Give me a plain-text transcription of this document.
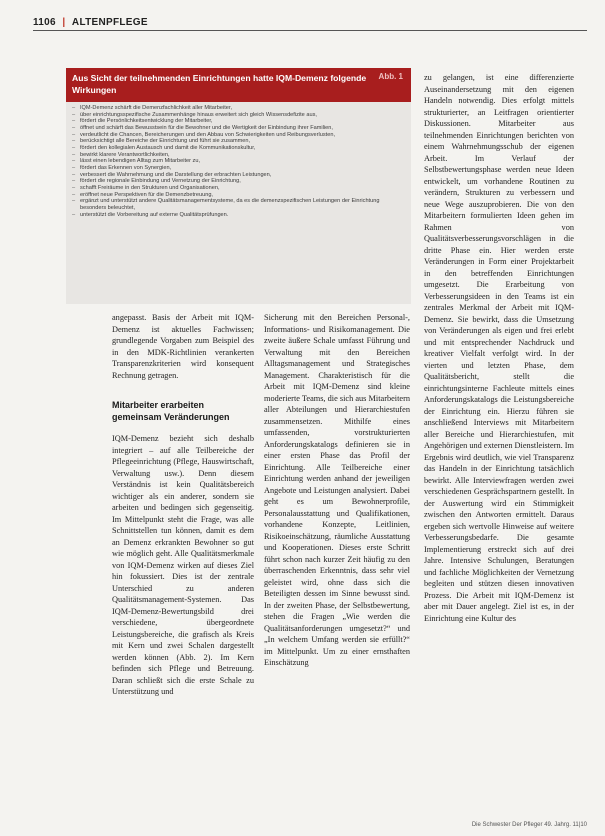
1106 | ALTENPFLEGE
Aus Sicht der teilnehmenden Einrichtungen hatte IQM-Demenz folgende Wirkungen
Abb. 1
– IQM-Demenz schärft die Demenzfachlichkeit aller Mitarbeiter,
– über einrichtungsspezifische Zusammenhänge hinaus erweitert sich gleich Wissensdefizite aus,
– fördert die Persönlichkeitsentwicklung der Mitarbeiter,
– öffnet und schärft das Bewusstsein für die Bewohner und die Wertigkeit der Einbindung ihrer Familien,
– verdeutlicht die Chancen, Bereicherungen und den Abbau von Schwierigkeiten und Reibungsverlusten,
– berücksichtigt alle Bereiche der Einrichtung und führt sie zusammen,
– fördert den kollegialen Austausch und damit die Kommunikationskultur,
– bewirkt klarere Verantwortlichkeiten,
– lässt einen lebendigen Alltag zum Mitarbeiter zu,
– fördert das Erkennen von Synergien,
– verbessert die Wahrnehmung und die Darstellung der erbrachten Leistungen,
– fördert die regionale Einbindung und Vernetzung der Einrichtung,
– schafft Freiräume in den Strukturen und Organisationen,
– eröffnet neue Perspektiven für die Demenzbetreuung,
– ergänzt und unterstützt andere Qualitätsmanagementsysteme, da es die demenzspezifischen Leistungen der Einrichtung besonders beleuchtet,
– unterstützt die Vorbereitung auf externe Qualitätsprüfungen.

angepasst. Basis der Arbeit mit IQM-Demenz ist aktuelles Fachwissen; grundlegende Vorgaben zum Beispiel des in den MDK-Richtlinien verankerten Transparenzkriterien wird konsequent Rechnung getragen.

Mitarbeiter erarbeiten gemeinsam Veränderungen

IQM-Demenz bezieht sich deshalb integriert – auf alle Teilbereiche der Pflegeeinrichtung (Pflege, Hauswirtschaft, Verwaltung usw.). Denn diesem Verständnis ist kein Qualitätsbereich wichtiger als ein anderer, sondern sie arbeiten und bedingen sich gegenseitig. Im Mittelpunkt steht die Frage, was alle Schnittstellen tun können, damit es dem an Demenz erkrankten Bewohner so gut wie möglich geht. Alle Qualitätsmerkmale von IQM-Demenz wirken auf dieses Ziel hin fokussiert. Dies ist der zentrale Unterschied zu anderen Qualitätsmanagement-Systemen. Das IQM-Demenz-Bewertungsbild drei verschiedene, übergeordnete Leistungsbereiche, die grafisch als Kreis mit Kern und zwei Schalen dargestellt werden können (Abb. 2). Im Kern befinden sich Pflege und Betreuung. Daran schließt sich die erste Schale zu Unterstützung und

Sicherung mit den Bereichen Personal-, Informations- und Risikomanagement. Die zweite äußere Schale umfasst Führung und Verwaltung mit den Bereichen Alltagsmanagement und Strategisches Management. Charakteristisch für die Arbeit mit IQM-Demenz sind kleine moderierte Teams, die sich aus Mitarbeitern aller Abteilungen und Hierarchiestufen zusammensetzen. Mithilfe eines umfassenden, vorstrukturierten Anforderungskatalogs definieren sie in einer ersten Phase das Profil der Einrichtung. Alle Teilbereiche einer Einrichtung werden anhand der jeweiligen Angebote und Leistungen analysiert. Dabei geht es um Bewohnerprofile, Personalausstattung und Qualifikationen, vorhandene Konzepte, Leitlinien, Risikoeinschätzung, räumliche Ausstattung und Kooperationen. Dieses erste Schritt führt schon nach kurzer Zeit häufig zu den überraschenden Erkenntnis, dass sehr viel geleistet wird, ohne dass sich die Beteiligten dessen im Sinne bewusst sind. In der zweiten Phase, der Selbstbewertung, stehen die Fragen „Wie werden die Qualitätsanforderungen umgesetzt?“ und „In welchem Umfang werden sie erfüllt?“ im Mittelpunkt. Um zu einer ernsthaften Einschätzung

zu gelangen, ist eine differenzierte Auseinandersetzung mit den eigenen Handeln notwendig. Dies erfolgt mittels strukturierter, an Leitfragen orientierter Diskussionen. Mitarbeiter aus teilnehmenden Einrichtungen berichten von einem Wahrnehmungsschub der eigenen Arbeit. Im Verlauf der Selbstbewertungsphase werden neue Ideen entwickelt, um vorhandene Routinen zu verändern, Strukturen zu verbessern und neue Wege auszuprobieren. Die von den Mitarbeitern formulierten Ideen gehen im Rahmen von Qualitätsverbesserungsvorschlägen in die dritte Phase ein. Hier werden erste Veränderungen in Form einer Projektarbeit in den betreffenden Einrichtungen umgesetzt. Die Erarbeitung von Verbesserungsideen in den Teams ist ein zentrales Merkmal der Arbeit mit IQM-Demenz. Sie bewirkt, dass die Umsetzung von Veränderungen als eigen und frei erlebt und mit entsprechender Nachdruck und kreativer Vielfalt verfolgt wird. In der vierten und letzten Phase, dem Qualitätsbericht, stellt die einrichtungsinterne Fachleute mittels eines Anforderungskatalogs die Leistungsbereiche der Einrichtung ein. Hierzu führen sie anschließend Interviews mit Mitarbeitern aller Bereiche und Hierarchiestufen, mit Angehörigen und externen Dienstleistern. Im Ergebnis wird deutlich, wie viel Transparenz das Handeln in der Einrichtung tatsächlich bewirkt. Alle Interviewfragen werden zwei verschiedenen Gesprächspartnern gestellt. In der Auswertung wird ein Stimmigkeit zwischen den Antworten ermittelt. Daraus ergeben sich wertvolle Hinweise auf weitere Verbesserungsbedarfe. Die gesamte Implementierung erstreckt sich auf drei Jahre. Intensive Schulungen, Beratungen und fachliche Möglichkeiten der Vernetzung begleiten und stützen diesen innovativen Prozess. Die Arbeit mit IQM-Demenz ist aber mit Dauer angelegt. Ziel ist es, in der Einrichtung eine Kultur des

Die Schwester Der Pfleger 49. Jahrg. 11|10
